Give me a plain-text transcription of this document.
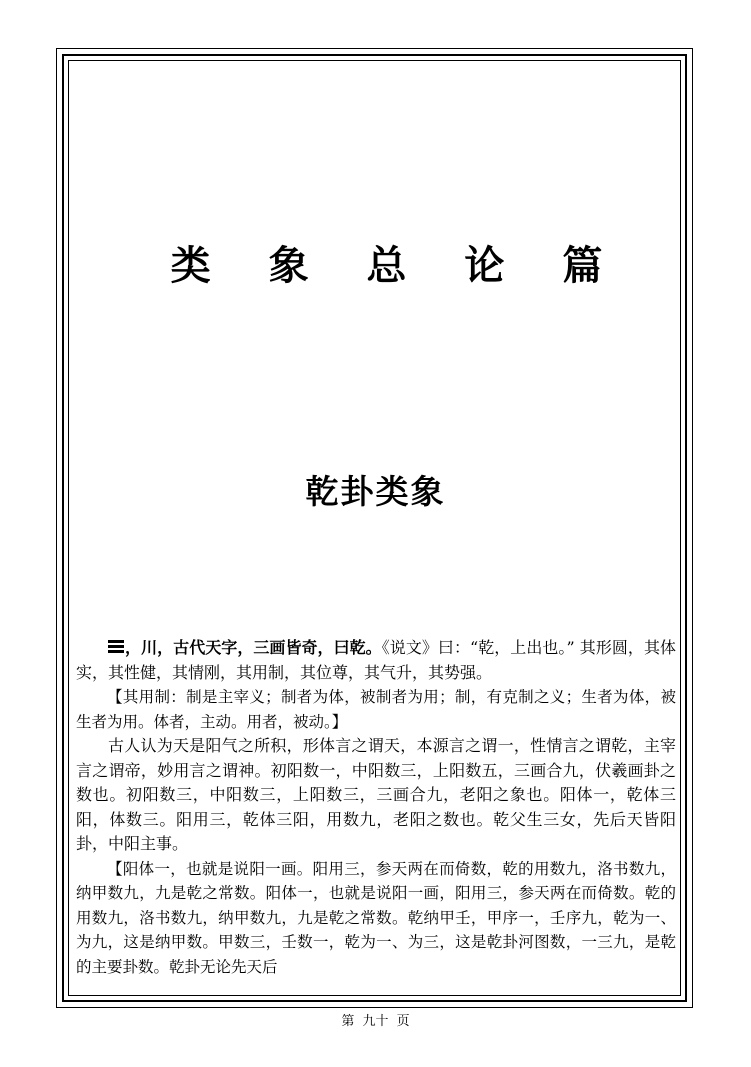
类 象 总 论 篇
乾卦类象

，川，古代天字，三画皆奇，曰乾。《说文》曰：“乾，上出也。” 其形圆，其体实，其性健，其情刚，其用制，其位尊，其气升，其势强。

【其用制：制是主宰义；制者为体，被制者为用；制，有克制之义；生者为体，被生者为用。体者，主动。用者，被动。】

古人认为天是阳气之所积，形体言之谓天，本源言之谓一，性情言之谓乾，主宰言之谓帝，妙用言之谓神。初阳数一，中阳数三，上阳数五，三画合九，伏羲画卦之数也。初阳数三，中阳数三，上阳数三，三画合九，老阳之象也。阳体一，乾体三阳，体数三。阳用三，乾体三阳，用数九，老阳之数也。乾父生三女，先后天皆阳卦，中阳主事。

【阳体一，也就是说阳一画。阳用三，参天两在而倚数，乾的用数九，洛书数九，纳甲数九，九是乾之常数。阳体一，也就是说阳一画，阳用三，参天两在而倚数。乾的用数九，洛书数九，纳甲数九，九是乾之常数。乾纳甲壬，甲序一，壬序九，乾为一、为九，这是纳甲数。甲数三，壬数一，乾为一、为三，这是乾卦河图数，一三九，是乾的主要卦数。乾卦无论先天后

第 九十 页
